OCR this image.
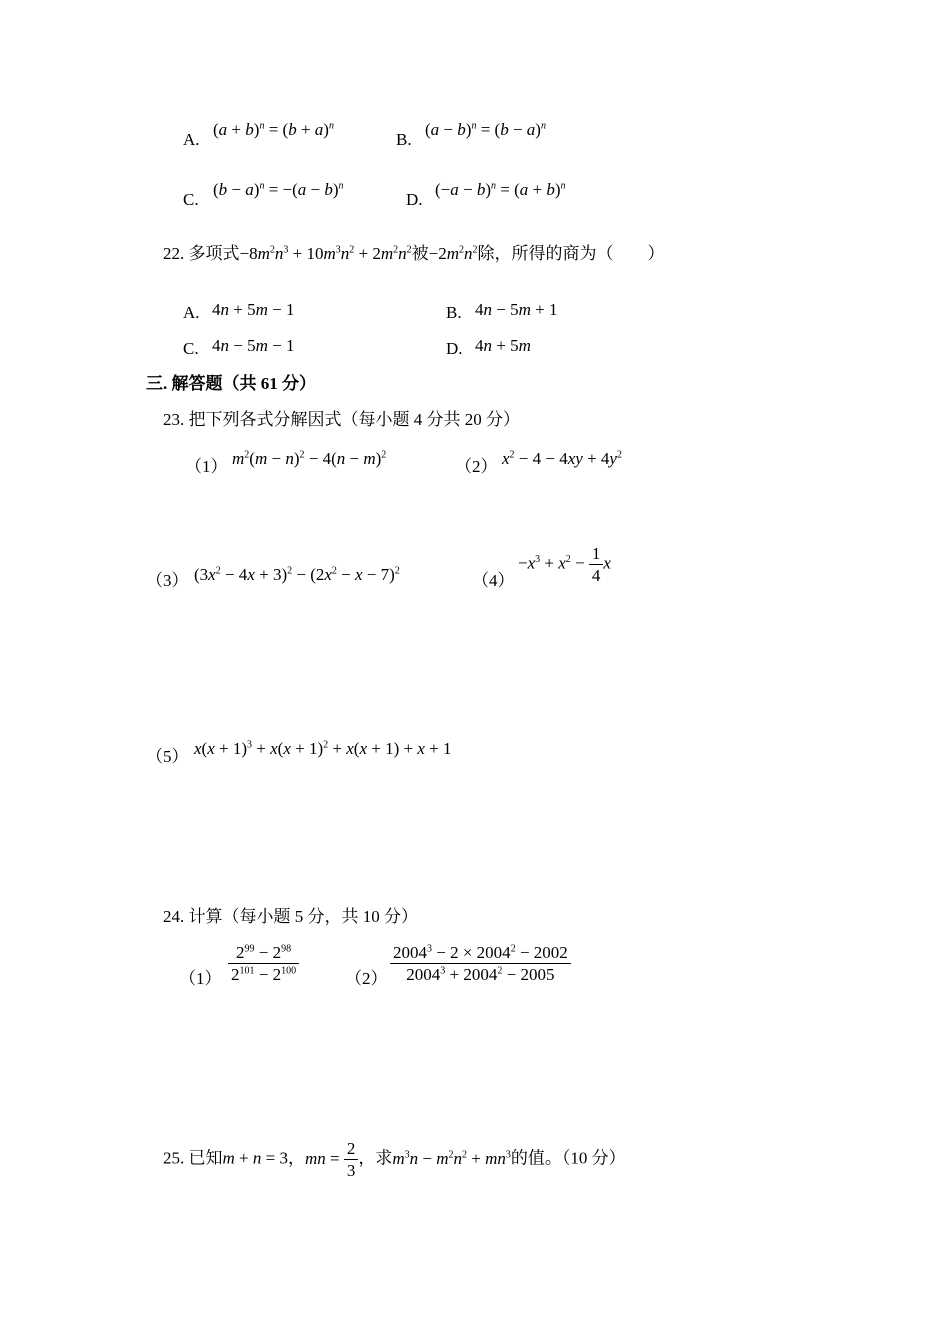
A.
$(a + b)^n = (b + a)^n$
B.
$(a - b)^n = (b - a)^n$
C.
$(b - a)^n = -(a - b)^n$
D.
$(-a - b)^n = (a + b)^n$
22. 多项式$-8m^2n^3 + 10m^3n^2 + 2m^2n^2$被$-2m^2n^2$除，所得的商为（　　）
A. 4n + 5m − 1	B. 4n − 5m + 1
C. 4n − 5m − 1	D. 4n + 5m
三. 解答题（共 61 分）
23. 把下列各式分解因式（每小题 4 分共 20 分）
（1） $m^2(m - n)^2 - 4(n - m)^2$
（2） $x^2 - 4 - 4xy + 4y^2$
（3） $(3x^2 - 4x + 3)^2 - (2x^2 - x - 7)^2$	（4）
$-x^3 + x^2 - \frac{1}{4}$ x
（5） $x(x + 1)^3 + x(x + 1)^2 + x(x + 1) + x + 1$
24. 计算（每小题 5 分，共 10 分）
$(1) \frac{2^{99} - 2^{98}}{2^{101} - 2^{100}}$	$(2) \frac{2004^3 - 2 \times 2004^2 - 2002}{2004^3 + 2004^2 - 2005}$
25. 已知m + n = 3，mn = $\frac{2}{3}$ ，求$m^3n - m^2n^2 + mn^3$的值。（10 分）
